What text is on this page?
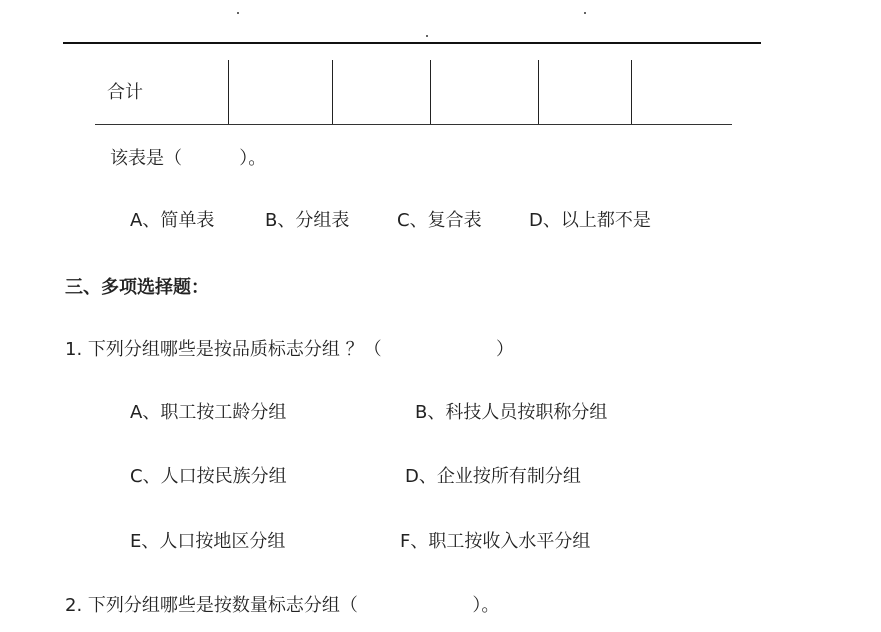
合计
该表是（          ）。
A、简单表	B、分组表	C、复合表	D、以上都不是
三、多项选择题：
1. 下列分组哪些是按品质标志分组 ？（                    ）
A、职工按工龄分组	B、科技人员按职称分组
C、人口按民族分组	D、企业按所有制分组
E、人口按地区分组	F、职工按收入水平分组
2. 下列分组哪些是按数量标志分组（                    ）。
